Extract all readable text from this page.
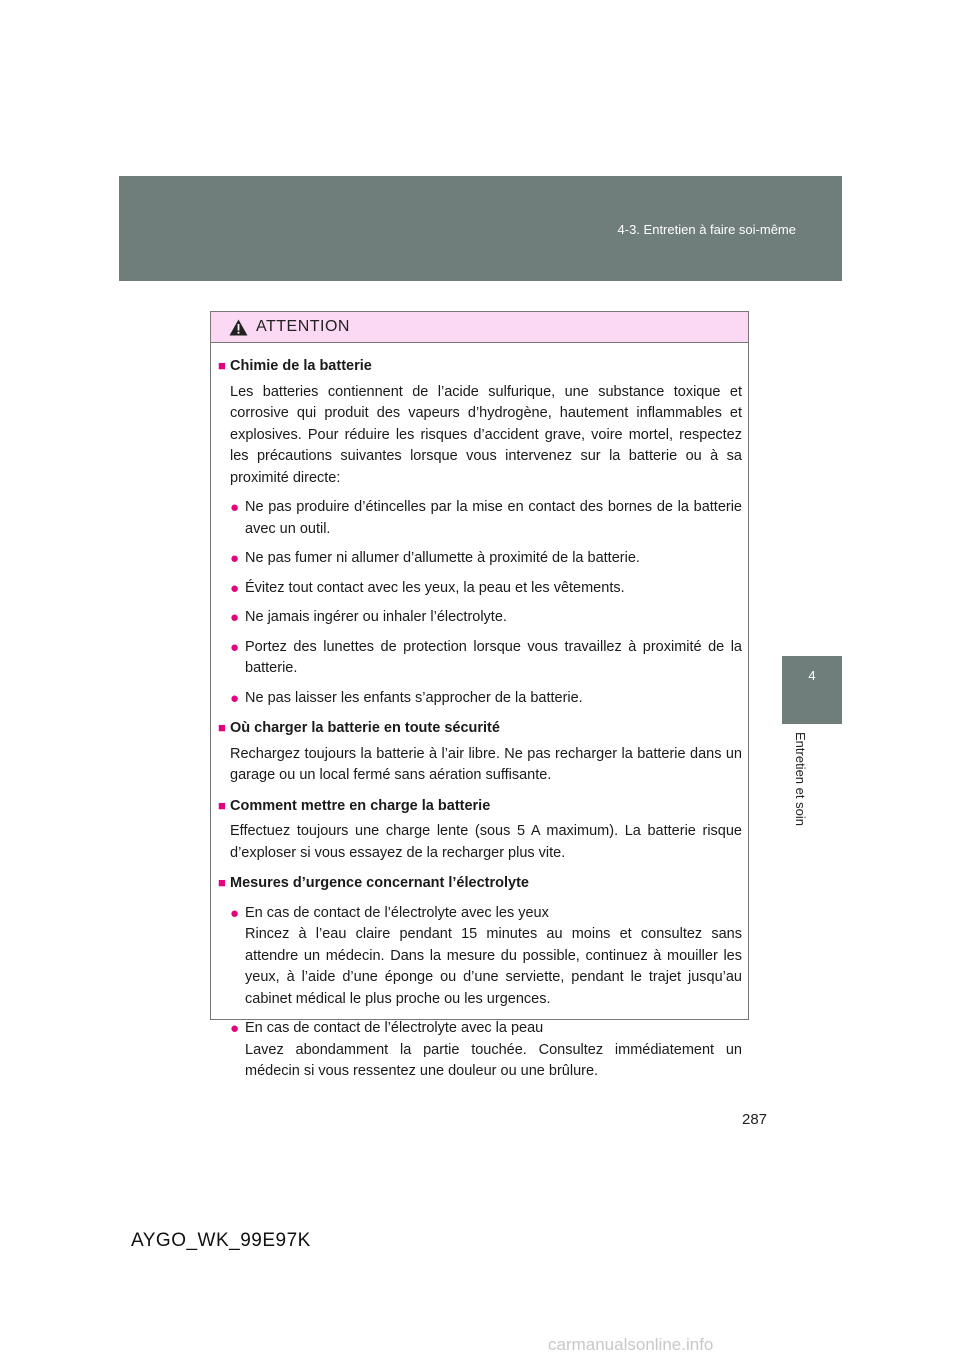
4-3. Entretien à faire soi-même
4
Entretien et soin
ATTENTION
■ Chimie de la batterie
Les batteries contiennent de l’acide sulfurique, une substance toxique et corrosive qui produit des vapeurs d’hydrogène, hautement inflammables et explosives. Pour réduire les risques d’accident grave, voire mortel, respectez les précautions suivantes lorsque vous intervenez sur la batterie ou à sa proximité directe:
● Ne pas produire d’étincelles par la mise en contact des bornes de la batterie avec un outil.
● Ne pas fumer ni allumer d’allumette à proximité de la batterie.
● Évitez tout contact avec les yeux, la peau et les vêtements.
● Ne jamais ingérer ou inhaler l’électrolyte.
● Portez des lunettes de protection lorsque vous travaillez à proximité de la batterie.
● Ne pas laisser les enfants s’approcher de la batterie.
■ Où charger la batterie en toute sécurité
Rechargez toujours la batterie à l’air libre. Ne pas recharger la batterie dans un garage ou un local fermé sans aération suffisante.
■ Comment mettre en charge la batterie
Effectuez toujours une charge lente (sous 5 A maximum). La batterie risque d’exploser si vous essayez de la recharger plus vite.
■ Mesures d’urgence concernant l’électrolyte
● En cas de contact de l’électrolyte avec les yeux
Rincez à l’eau claire pendant 15 minutes au moins et consultez sans attendre un médecin. Dans la mesure du possible, continuez à mouiller les yeux, à l’aide d’une éponge ou d’une serviette, pendant le trajet jusqu’au cabinet médical le plus proche ou les urgences.
● En cas de contact de l’électrolyte avec la peau
Lavez abondamment la partie touchée. Consultez immédiatement un médecin si vous ressentez une douleur ou une brûlure.
287
AYGO_WK_99E97K
carmanualsonline.info
